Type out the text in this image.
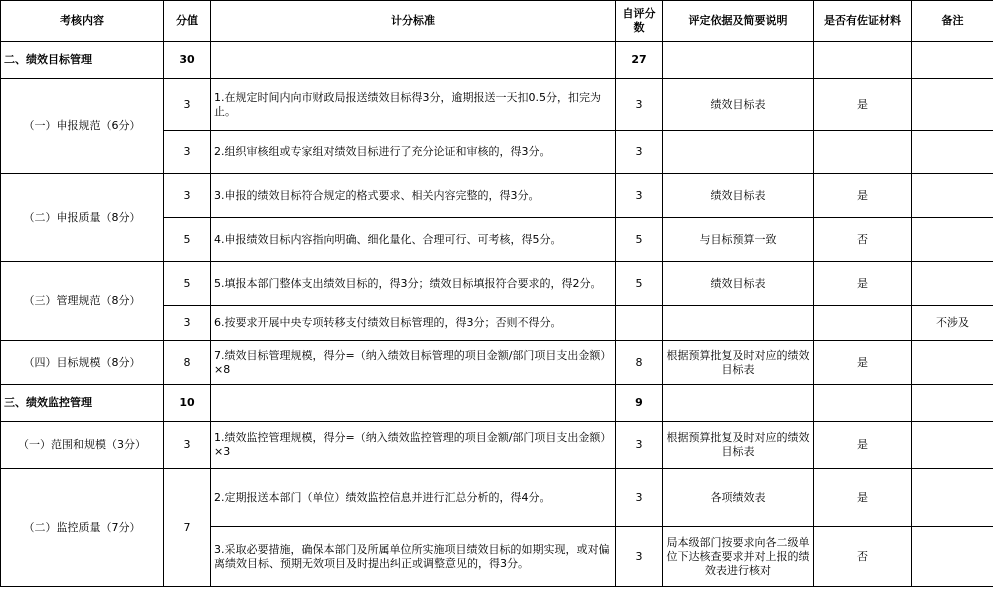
考核内容	分值	计分标准	自评分数	评定依据及简要说明	是否有佐证材料	备注
二、绩效目标管理	30		27			
（一）申报规范（6分）	3	1.在规定时间内向市财政局报送绩效目标得3分，逾期报送一天扣0.5分，扣完为止。	3	绩效目标表	是	
	3	2.组织审核组或专家组对绩效目标进行了充分论证和审核的，得3分。	3			
（二）申报质量（8分）	3	3.申报的绩效目标符合规定的格式要求、相关内容完整的，得3分。	3	绩效目标表	是	
	5	4.申报绩效目标内容指向明确、细化量化、合理可行、可考核，得5分。	5	与目标预算一致	否	
（三）管理规范（8分）	5	5.填报本部门整体支出绩效目标的，得3分；绩效目标填报符合要求的，得2分。	5	绩效目标表	是	
	3	6.按要求开展中央专项转移支付绩效目标管理的，得3分；否则不得分。				不涉及
（四）目标规模（8分）	8	7.绩效目标管理规模，得分=（纳入绩效目标管理的项目金额/部门项目支出金额）×8	8	根据预算批复及时对应的绩效目标表	是	
三、绩效监控管理	10		9			
（一）范围和规模（3分）	3	1.绩效监控管理规模，得分=（纳入绩效监控管理的项目金额/部门项目支出金额）×3	3	根据预算批复及时对应的绩效目标表	是	
（二）监控质量（7分）	7	2.定期报送本部门（单位）绩效监控信息并进行汇总分析的，得4分。	3	各项绩效表	是	
		3.采取必要措施，确保本部门及所属单位所实施项目绩效目标的如期实现，或对偏离绩效目标、预期无效项目及时提出纠正或调整意见的，得3分。	3	局本级部门按要求向各二级单位下达核查要求并对上报的绩效表进行核对	否	
